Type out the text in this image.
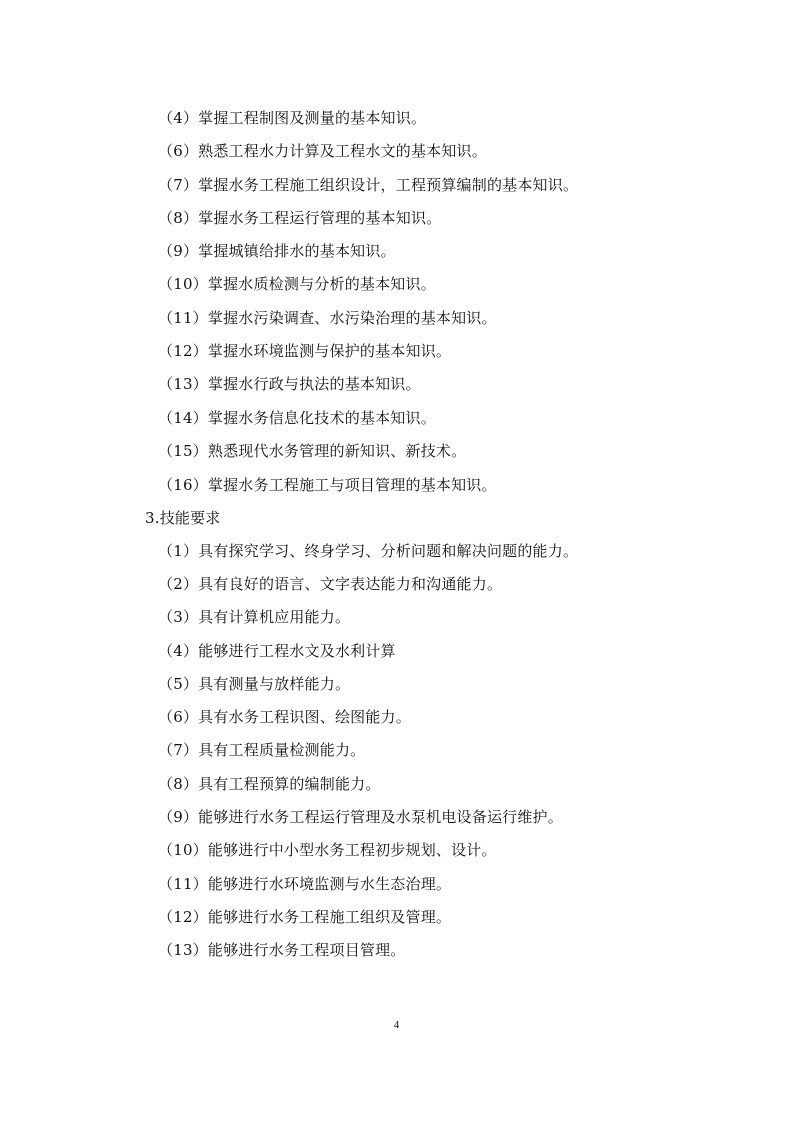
（4）掌握工程制图及测量的基本知识。
（6）熟悉工程水力计算及工程水文的基本知识。
（7）掌握水务工程施工组织设计，工程预算编制的基本知识。
（8）掌握水务工程运行管理的基本知识。
（9）掌握城镇给排水的基本知识。
（10）掌握水质检测与分析的基本知识。
（11）掌握水污染调查、水污染治理的基本知识。
（12）掌握水环境监测与保护的基本知识。
（13）掌握水行政与执法的基本知识。
（14）掌握水务信息化技术的基本知识。
（15）熟悉现代水务管理的新知识、新技术。
（16）掌握水务工程施工与项目管理的基本知识。
3.技能要求
（1）具有探究学习、终身学习、分析问题和解决问题的能力。
（2）具有良好的语言、文字表达能力和沟通能力。
（3）具有计算机应用能力。
（4）能够进行工程水文及水利计算
（5）具有测量与放样能力。
（6）具有水务工程识图、绘图能力。
（7）具有工程质量检测能力。
（8）具有工程预算的编制能力。
（9）能够进行水务工程运行管理及水泵机电设备运行维护。
（10）能够进行中小型水务工程初步规划、设计。
（11）能够进行水环境监测与水生态治理。
（12）能够进行水务工程施工组织及管理。
（13）能够进行水务工程项目管理。
4
